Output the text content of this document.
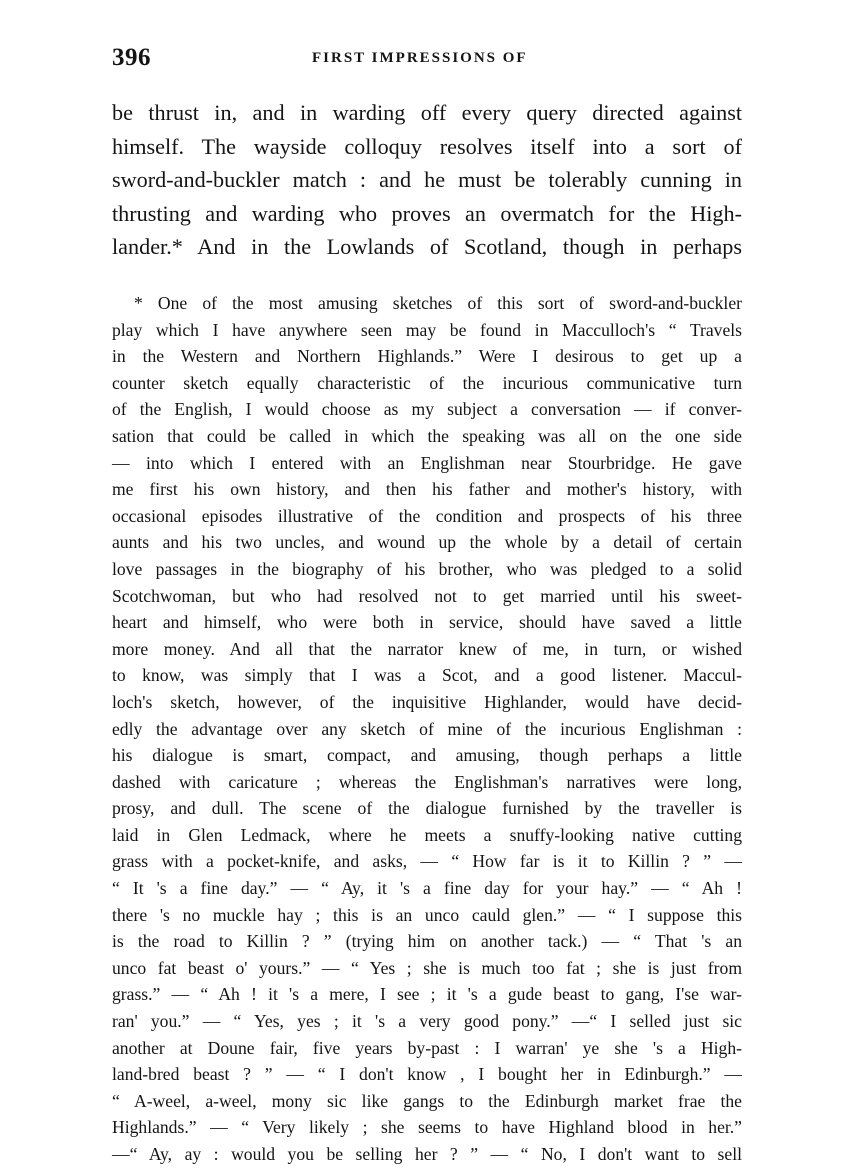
396	FIRST IMPRESSIONS OF
be thrust in, and in warding off every query directed against
himself. The wayside colloquy resolves itself into a sort of
sword-and-buckler match : and he must be tolerably cunning in
thrusting and warding who proves an overmatch for the High-
lander.* And in the Lowlands of Scotland, though in perhaps
* One of the most amusing sketches of this sort of sword-and-buckler
play which I have anywhere seen may be found in Macculloch's “ Travels
in the Western and Northern Highlands.” Were I desirous to get up a
counter sketch equally characteristic of the incurious communicative turn
of the English, I would choose as my subject a conversation — if conver-
sation that could be called in which the speaking was all on the one side
— into which I entered with an Englishman near Stourbridge. He gave
me first his own history, and then his father and mother's history, with
occasional episodes illustrative of the condition and prospects of his three
aunts and his two uncles, and wound up the whole by a detail of certain
love passages in the biography of his brother, who was pledged to a solid
Scotchwoman, but who had resolved not to get married until his sweet-
heart and himself, who were both in service, should have saved a little
more money. And all that the narrator knew of me, in turn, or wished
to know, was simply that I was a Scot, and a good listener. Maccul-
loch's sketch, however, of the inquisitive Highlander, would have decid-
edly the advantage over any sketch of mine of the incurious Englishman :
his dialogue is smart, compact, and amusing, though perhaps a little
dashed with caricature ; whereas the Englishman's narratives were long,
prosy, and dull. The scene of the dialogue furnished by the traveller is
laid in Glen Ledmack, where he meets a snuffy-looking native cutting
grass with a pocket-knife, and asks, — “ How far is it to Killin ? ” —
“ It 's a fine day.” — “ Ay, it 's a fine day for your hay.” — “ Ah !
there 's no muckle hay ; this is an unco cauld glen.” — “ I suppose this
is the road to Killin ? ” (trying him on another tack.) — “ That 's an
unco fat beast o' yours.” — “ Yes ; she is much too fat ; she is just from
grass.” — “ Ah ! it 's a mere, I see ; it 's a gude beast to gang, I'se war-
ran' you.” — “ Yes, yes ; it 's a very good pony.” —“ I selled just sic
another at Doune fair, five years by-past : I warran' ye she 's a High-
land-bred beast ? ” — “ I don't know , I bought her in Edinburgh.” —
“ A-weel, a-weel, mony sic like gangs to the Edinburgh market frae the
Highlands.” — “ Very likely ; she seems to have Highland blood in her.”
—“ Ay, ay : would you be selling her ? ” — “ No, I don't want to sell
